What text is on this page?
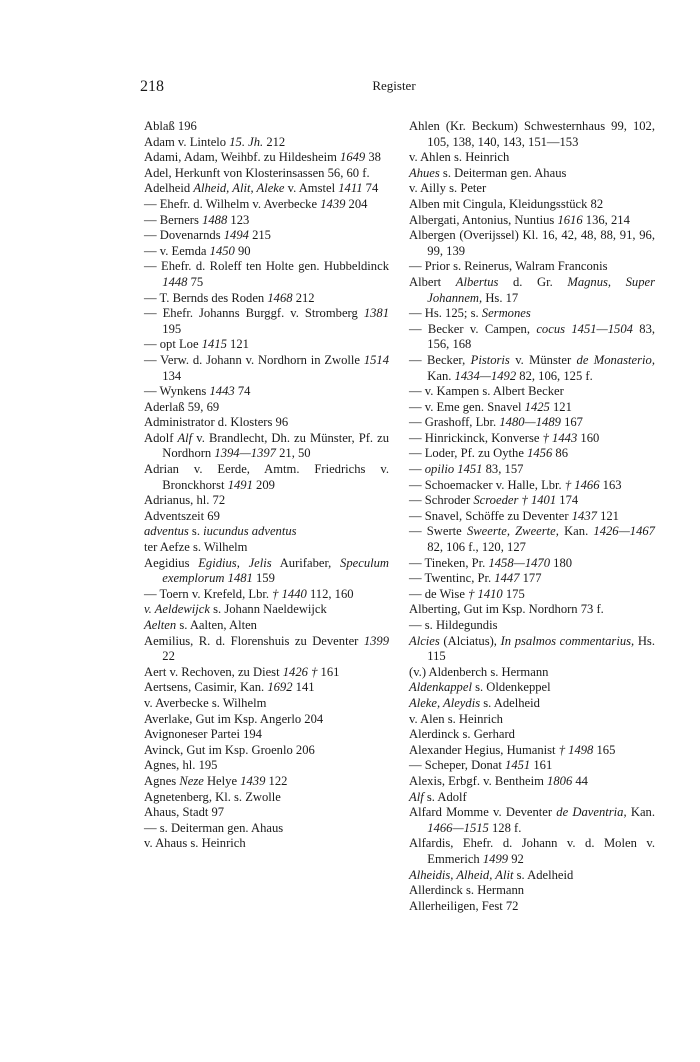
218	Register
Ablaß 196
Adam v. Lintelo 15. Jh. 212
Adami, Adam, Weihbf. zu Hildesheim 1649 38
Adel, Herkunft von Klosterinsassen 56, 60 f.
Adelheid Alheid, Alit, Aleke v. Amstel 1411 74
— Ehefr. d. Wilhelm v. Averbecke 1439 204
— Berners 1488 123
— Dovenarnds 1494 215
— v. Eemda 1450 90
— Ehefr. d. Roleff ten Holte gen. Hubbeldinck 1448 75
— T. Bernds des Roden 1468 212
— Ehefr. Johanns Burggf. v. Stromberg 1381 195
— opt Loe 1415 121
— Verw. d. Johann v. Nordhorn in Zwolle 1514 134
— Wynkens 1443 74
Aderlaß 59, 69
Administrator d. Klosters 96
Adolf Alf v. Brandlecht, Dh. zu Münster, Pf. zu Nordhorn 1394—1397 21, 50
Adrian v. Eerde, Amtm. Friedrichs v. Bronckhorst 1491 209
Adrianus, hl. 72
Adventszeit 69
adventus s. iucundus adventus
ter Aefze s. Wilhelm
Aegidius Egidius, Jelis Aurifaber, Speculum exemplorum 1481 159
— Toern v. Krefeld, Lbr. † 1440 112, 160
v. Aeldewijck s. Johann Naeldewijck
Aelten s. Aalten, Alten
Aemilius, R. d. Florenshuis zu Deventer 1399 22
Aert v. Rechoven, zu Diest 1426 † 161
Aertsens, Casimir, Kan. 1692 141
v. Averbecke s. Wilhelm
Averlake, Gut im Ksp. Angerlo 204
Avignoneser Partei 194
Avinck, Gut im Ksp. Groenlo 206
Agnes, hl. 195
Agnes Neze Helye 1439 122
Agnetenberg, Kl. s. Zwolle
Ahaus, Stadt 97
— s. Deiterman gen. Ahaus
v. Ahaus s. Heinrich
Ahlen (Kr. Beckum) Schwesternhaus 99, 102, 105, 138, 140, 143, 151—153
v. Ahlen s. Heinrich
Ahues s. Deiterman gen. Ahaus
v. Ailly s. Peter
Alben mit Cingula, Kleidungsstück 82
Albergati, Antonius, Nuntius 1616 136, 214
Albergen (Overijssel) Kl. 16, 42, 48, 88, 91, 96, 99, 139
— Prior s. Reinerus, Walram Franconis
Albert Albertus d. Gr. Magnus, Super Johannem, Hs. 17
— Hs. 125; s. Sermones
— Becker v. Campen, cocus 1451—1504 83, 156, 168
— Becker, Pistoris v. Münster de Monasterio, Kan. 1434—1492 82, 106, 125 f.
— v. Kampen s. Albert Becker
— v. Eme gen. Snavel 1425 121
— Grashoff, Lbr. 1480—1489 167
— Hinrickinck, Konverse † 1443 160
— Loder, Pf. zu Oythe 1456 86
— opilio 1451 83, 157
— Schoemacker v. Halle, Lbr. † 1466 163
— Schroder Scroeder † 1401 174
— Snavel, Schöffe zu Deventer 1437 121
— Swerte Sweerte, Zweerte, Kan. 1426—1467 82, 106 f., 120, 127
— Tineken, Pr. 1458—1470 180
— Twentinc, Pr. 1447 177
— de Wise † 1410 175
Alberting, Gut im Ksp. Nordhorn 73 f.
— s. Hildegundis
Alcies (Alciatus), In psalmos commentarius, Hs. 115
(v.) Aldenberch s. Hermann
Aldenkappel s. Oldenkeppel
Aleke, Aleydis s. Adelheid
v. Alen s. Heinrich
Alerdinck s. Gerhard
Alexander Hegius, Humanist † 1498 165
— Scheper, Donat 1451 161
Alexis, Erbgf. v. Bentheim 1806 44
Alf s. Adolf
Alfard Momme v. Deventer de Daventria, Kan. 1466—1515 128 f.
Alfardis, Ehefr. d. Johann v. d. Molen v. Emmerich 1499 92
Alheidis, Alheid, Alit s. Adelheid
Allerdinck s. Hermann
Allerheiligen, Fest 72
